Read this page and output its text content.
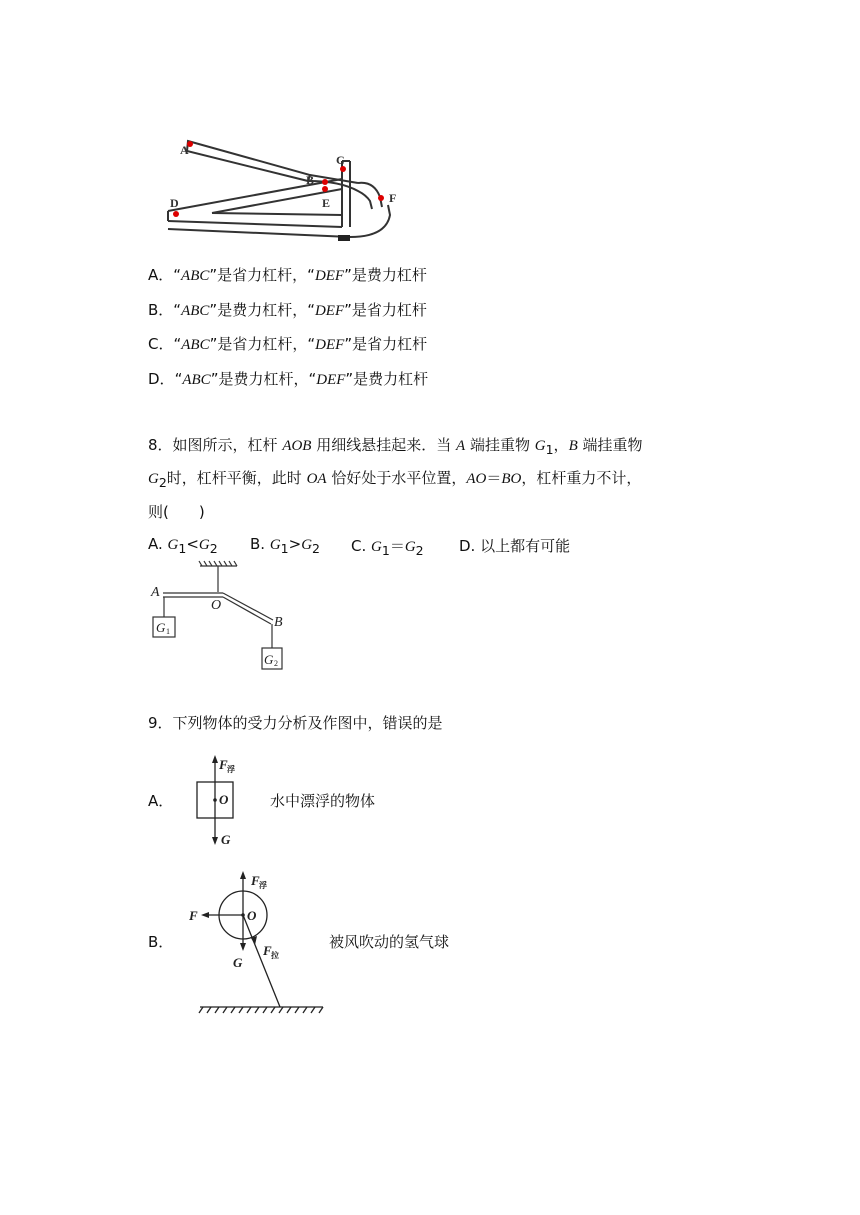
A
C
B
E
D	F
A．“ABC”是省力杠杆，“DEF”是费力杠杆
B．“ABC”是费力杠杆，“DEF”是省力杠杆
C．“ABC”是省力杠杆，“DEF”是省力杠杆
D．“ABC”是费力杠杆，“DEF”是费力杠杆
8．如图所示，杠杆 AOB 用细线悬挂起来．当 A 端挂重物 $G_1$，B 端挂重物
$G_2$时，杠杆平衡，此时 OA 恰好处于水平位置，AO＝BO，杠杆重力不计，
则(　　)
A. $G_1<G_2$ B. $G_1>G_2$ C. $G_1=G_2$ D. 以上都有可能
A
O
B
G 1
G 2
9．下列物体的受力分析及作图中，错误的是
A．
F 浮
O
G
水中漂浮的物体
B．
F 浮
F	O
G
F 拉
被风吹动的氢气球
